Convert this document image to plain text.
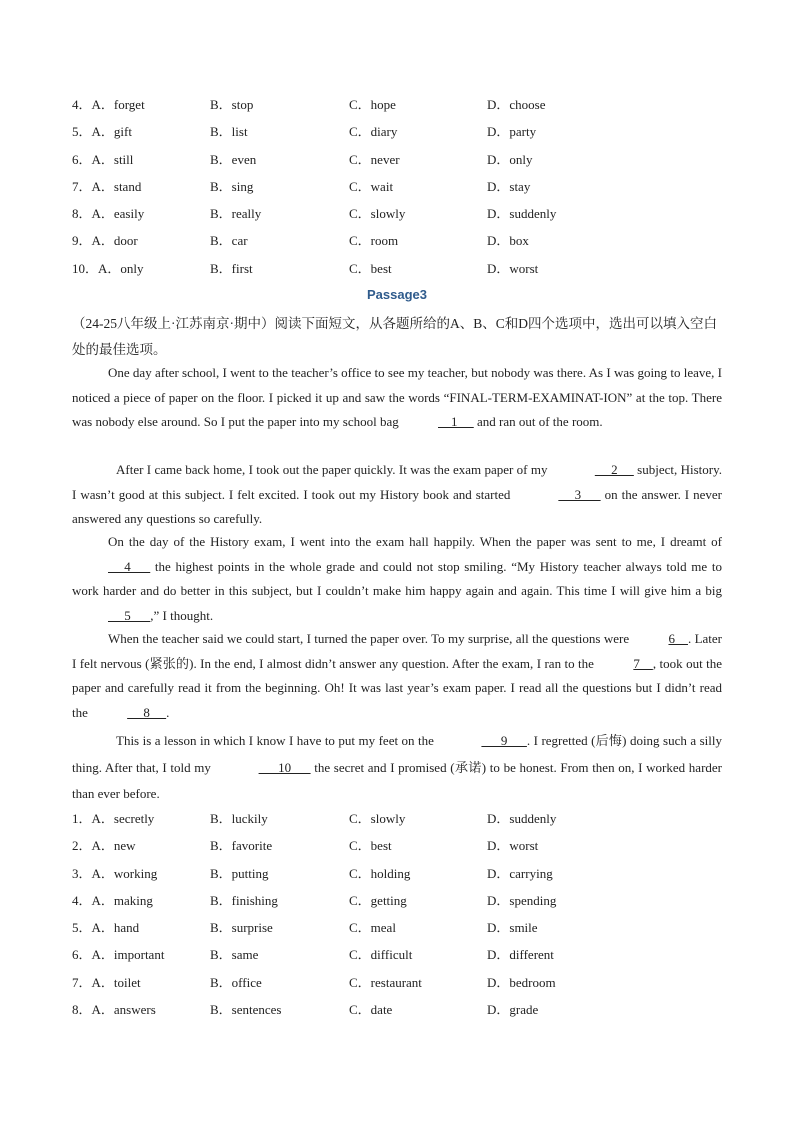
4．A．forget	B．stop	C．hope	D．choose
5．A．gift	B．list	C．diary	D．party
6．A．still	B．even	C．never	D．only
7．A．stand	B．sing	C．wait	D．stay
8．A．easily	B．really	C．slowly	D．suddenly
9．A．door	B．car	C．room	D．box
10．A．only	B．first	C．best	D．worst
Passage3
（24-25八年级上·江苏南京·期中）阅读下面短文，从各题所给的A、B、C和D四个选项中，选出可以填入空白处的最佳选项。
One day after school, I went to the teacher’s office to see my teacher, but nobody was there. As I was going to leave, I noticed a piece of paper on the floor. I picked it up and saw the words “FINAL-TERM-EXAMINAT-ION” at the top. There was nobody else around. So I put the paper into my school bag	1      and ran out of the room.
After I came back home, I took out the paper quickly. It was the exam paper of my	2      subject, History. I wasn’t good at this subject. I felt excited. I took out my History book and started	3       on the answer. I never answered any questions so carefully.
On the day of the History exam, I went into the exam hall happily. When the paper was sent to me, I dreamt of      4       the highest points in the whole grade and could not stop smiling. “My History teacher always told me to work harder and do better in this subject, but I couldn’t make him happy again and again. This time I will give him a big      5      ,” I thought.
When the teacher said we could start, I turned the paper over. To my surprise, all the questions were	6    . Later I felt nervous (紧张的). In the end, I almost didn’t answer any question. After the exam, I ran to the	7    , took out the paper and carefully read it from the beginning. Oh! It was last year’s exam paper. I read all the questions but I didn’t read the	8     .
This is a lesson in which I know I have to put my feet on the	9      . I regretted (后悔) doing such a silly thing. After that, I told my	10       the secret and I promised (承诺) to be honest. From then on, I worked harder than ever before.
1．A．secretly	B．luckily	C．slowly	D．suddenly
2．A．new	B．favorite	C．best	D．worst
3．A．working	B．putting	C．holding	D．carrying
4．A．making	B．finishing	C．getting	D．spending
5．A．hand	B．surprise	C．meal	D．smile
6．A．important	B．same	C．difficult	D．different
7．A．toilet	B．office	C．restaurant	D．bedroom
8．A．answers	B．sentences	C．date	D．grade
